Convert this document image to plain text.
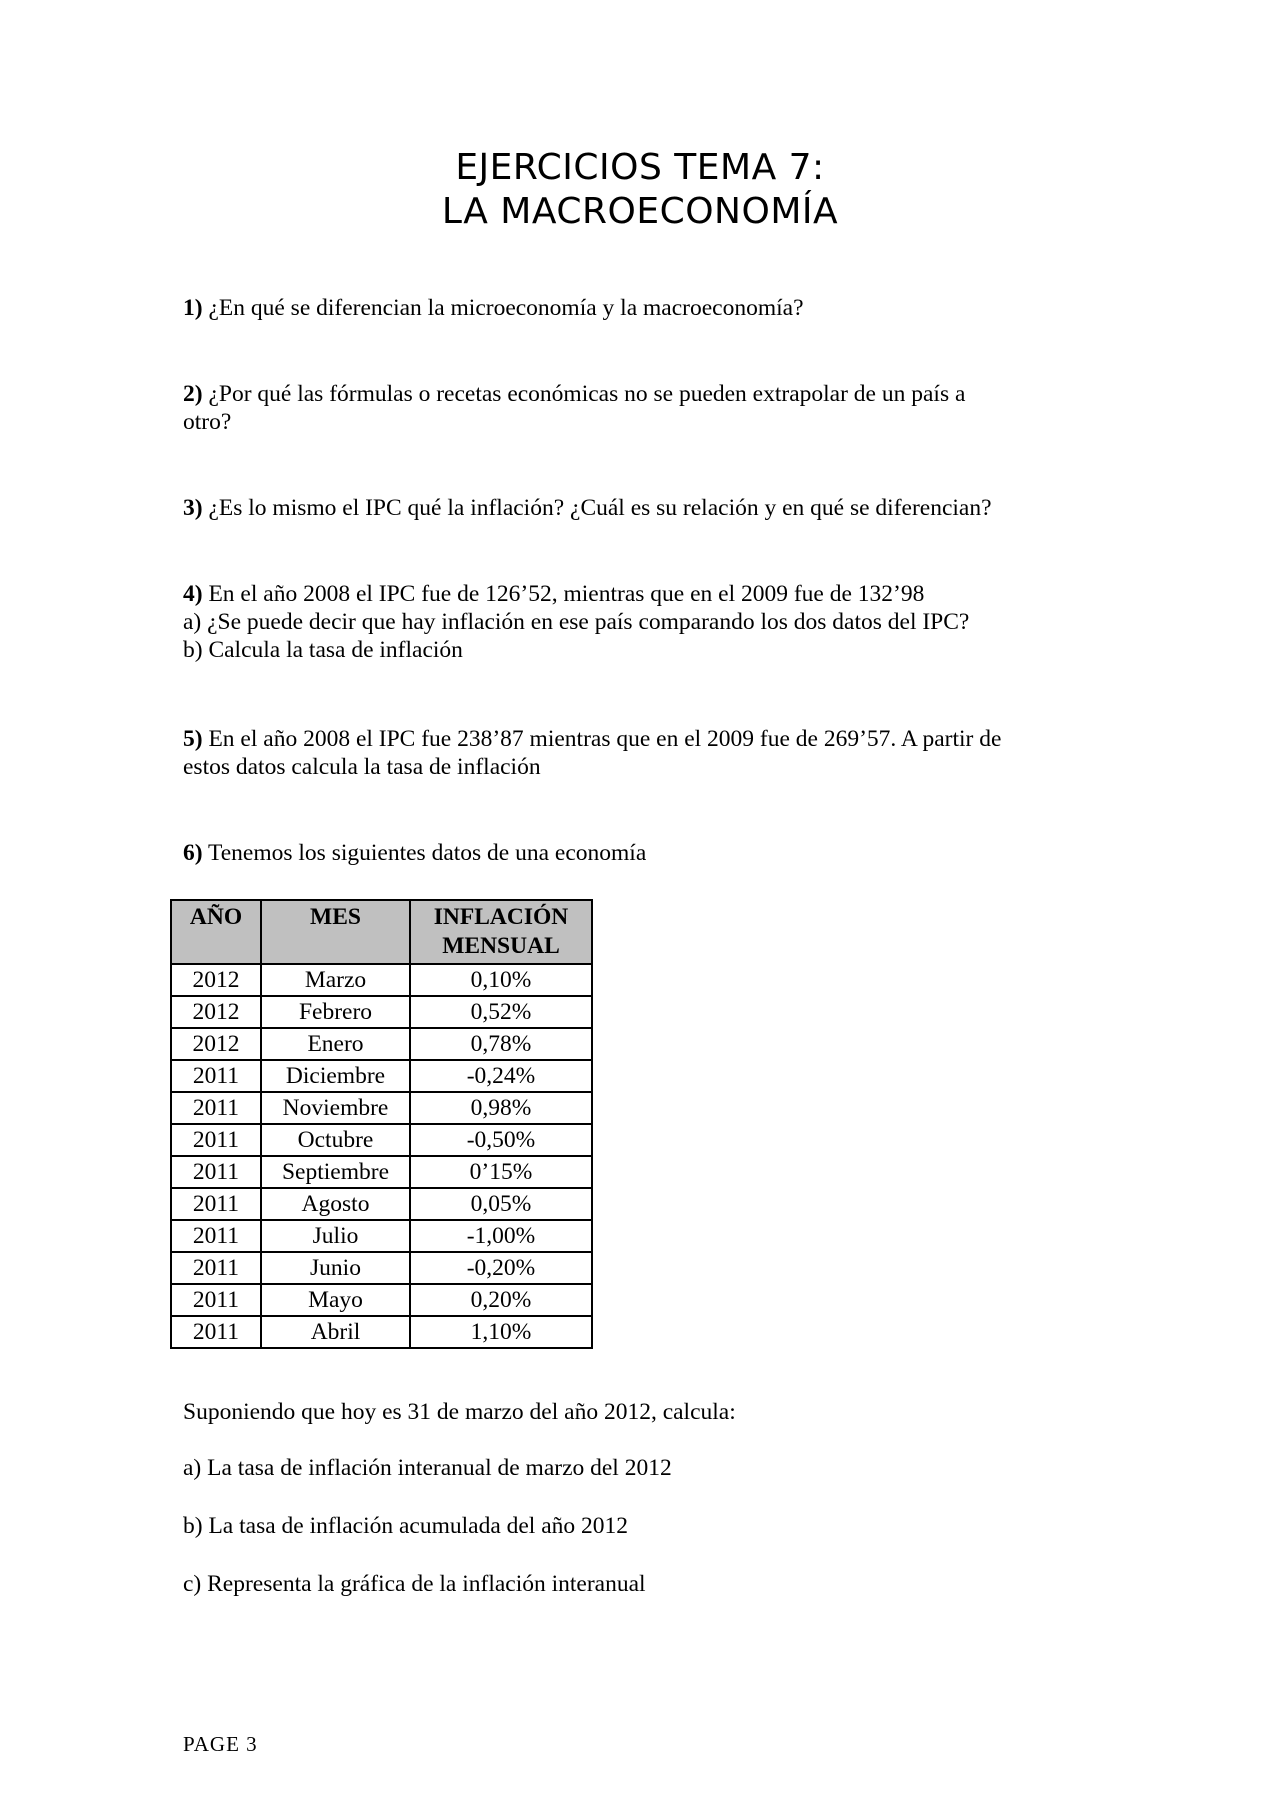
EJERCICIOS TEMA 7:
LA MACROECONOMÍA
1) ¿En qué se diferencian la microeconomía y la macroeconomía?
2) ¿Por qué las fórmulas o recetas económicas no se pueden extrapolar de un país a
otro?
3) ¿Es lo mismo el IPC qué la inflación? ¿Cuál es su relación y en qué se diferencian?
4) En el año 2008 el IPC fue de 126’52, mientras que en el 2009 fue de 132’98
a) ¿Se puede decir que hay inflación en ese país comparando los dos datos del IPC?
b) Calcula la tasa de inflación
5) En el año 2008 el IPC fue 238’87 mientras que en el 2009 fue de 269’57. A partir de
estos datos calcula la tasa de inflación
6) Tenemos los siguientes datos de una economía
AÑO	MES	INFLACIÓN MENSUAL
2012	Marzo	0,10%
2012	Febrero	0,52%
2012	Enero	0,78%
2011	Diciembre	-0,24%
2011	Noviembre	0,98%
2011	Octubre	-0,50%
2011	Septiembre	0’15%
2011	Agosto	0,05%
2011	Julio	-1,00%
2011	Junio	-0,20%
2011	Mayo	0,20%
2011	Abril	1,10%
Suponiendo que hoy es 31 de marzo del año 2012, calcula:
a) La tasa de inflación interanual de marzo del 2012
b) La tasa de inflación acumulada del año 2012
c) Representa la gráfica de la inflación interanual
PAGE 3
